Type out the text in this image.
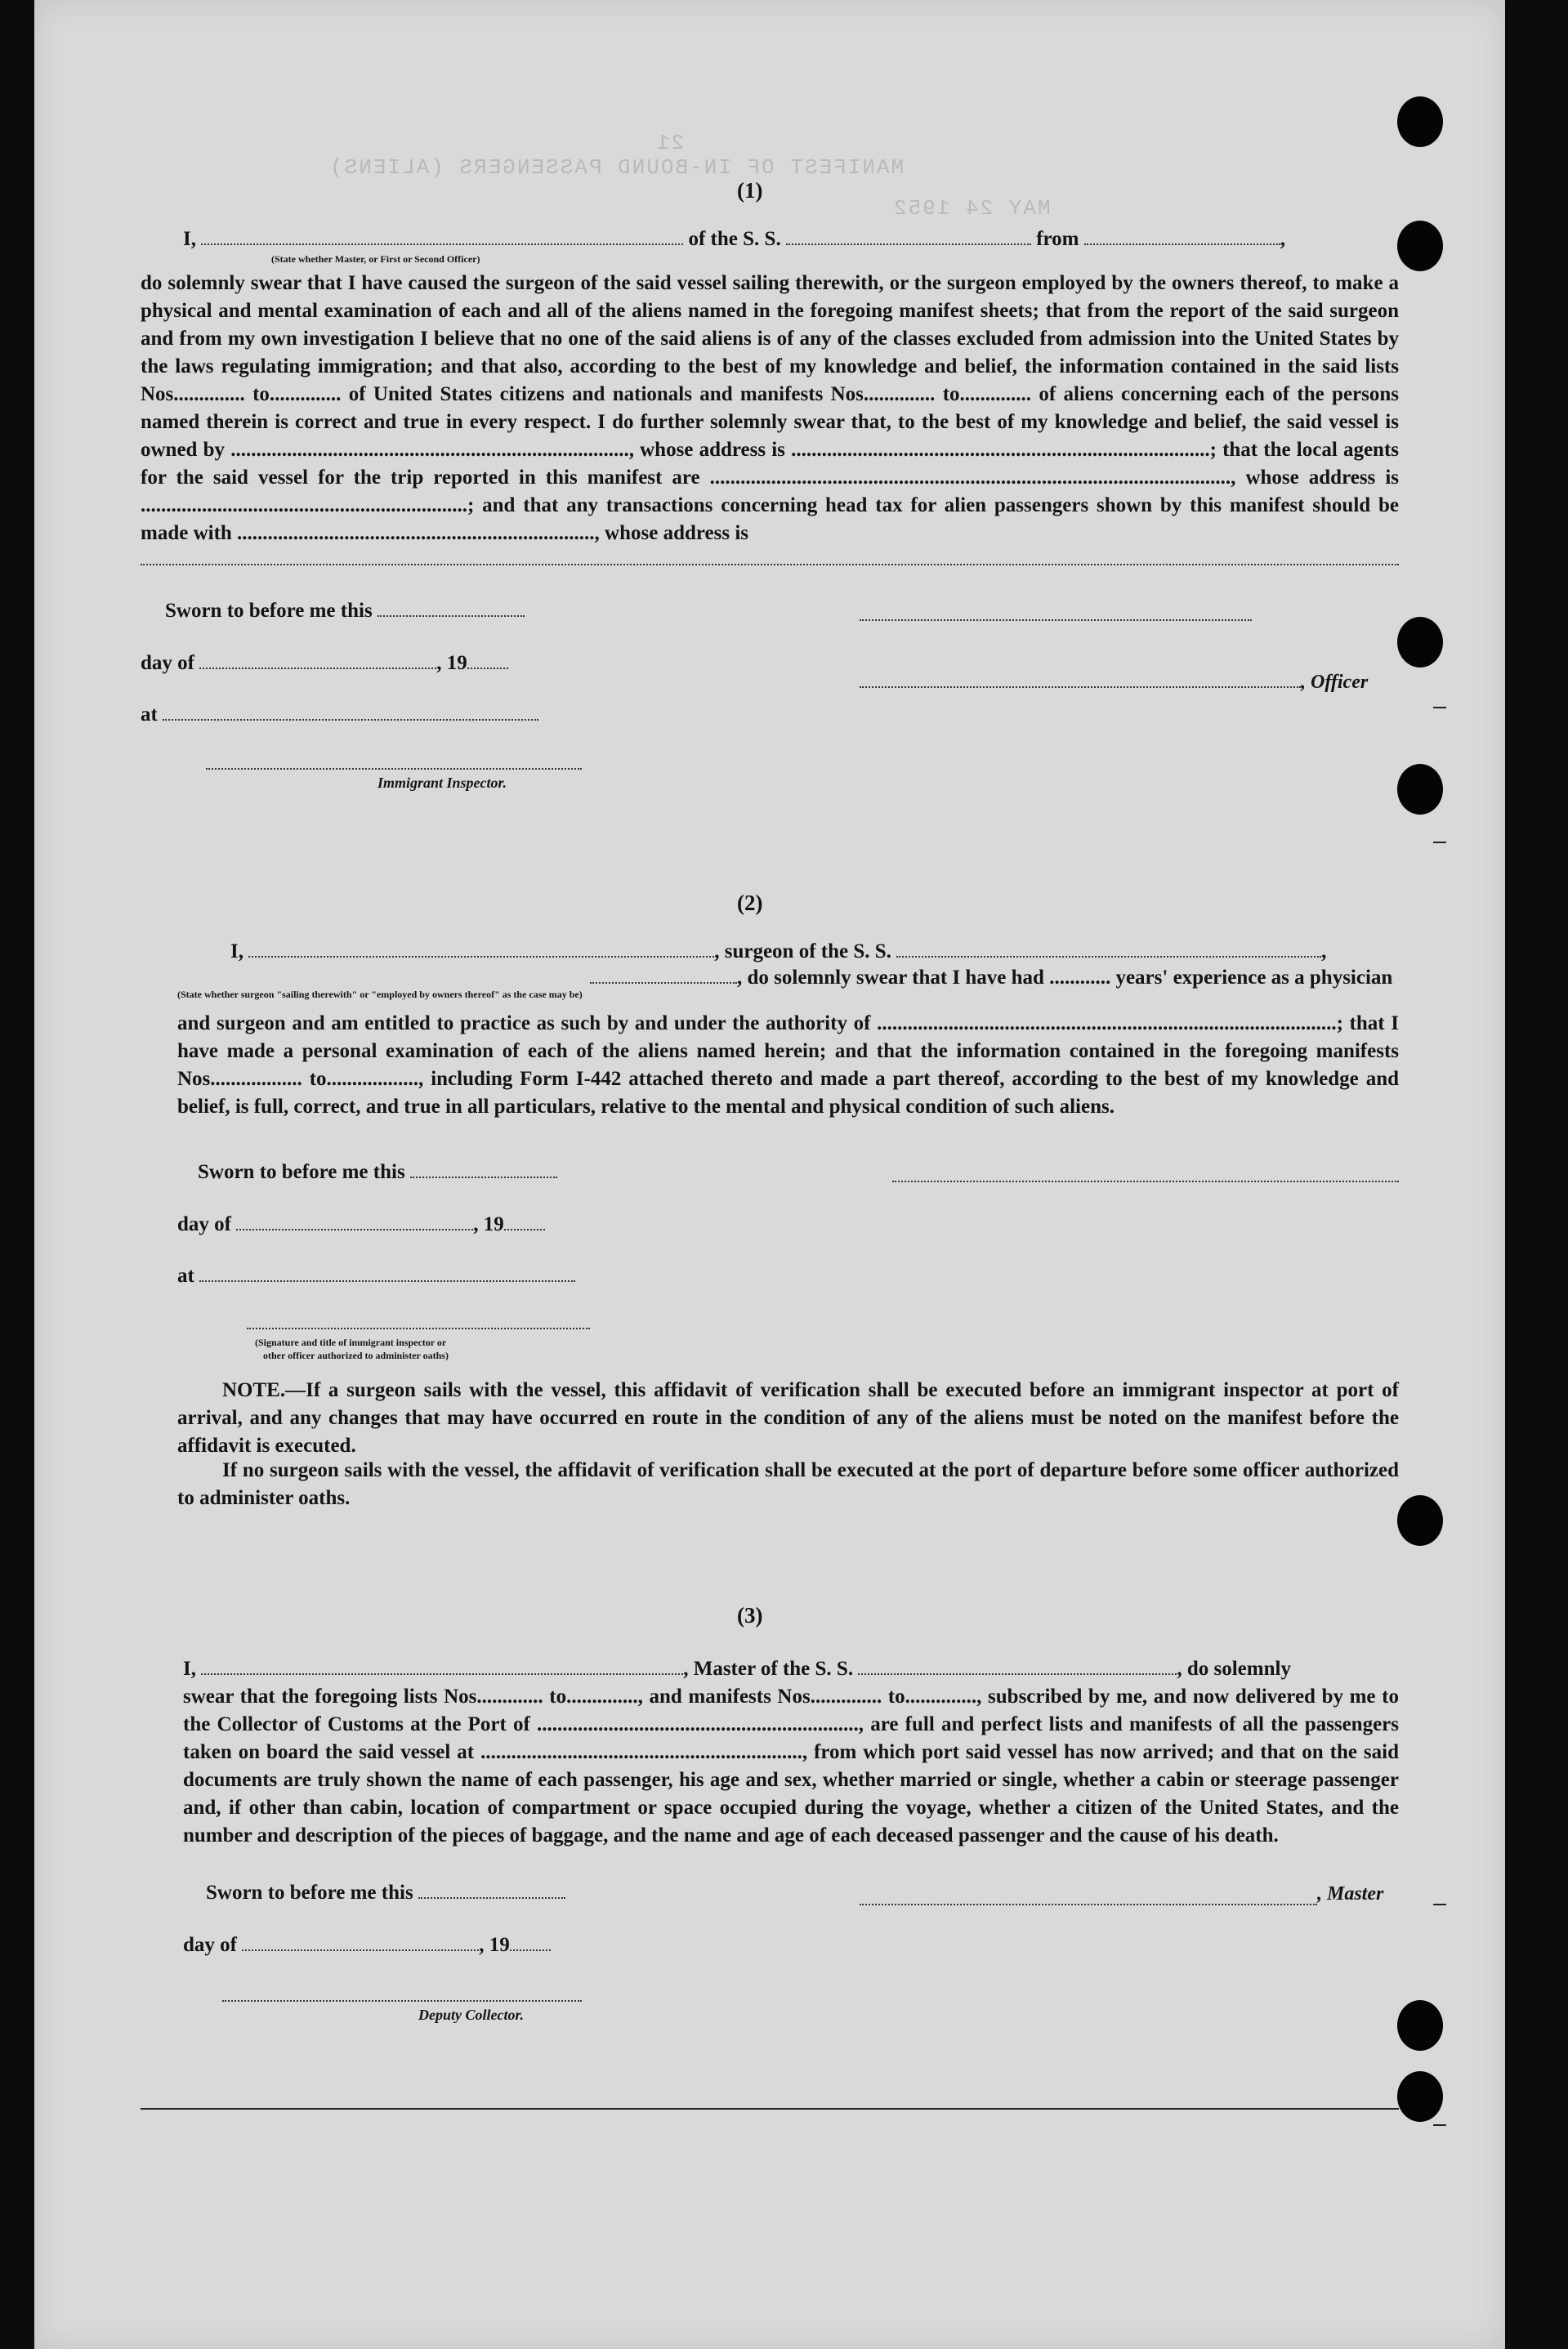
MANIFEST OF IN-BOUND PASSENGERS (ALIENS)
21
MAY 24 1952
(1)
I,	of the S. S.	from	,
(State whether Master, or First or Second Officer)
do solemnly swear that I have caused the surgeon of the said vessel sailing therewith, or the surgeon employed by the owners thereof, to make a physical and mental examination of each and all of the aliens named in the foregoing manifest sheets; that from the report of the said surgeon and from my own investigation I believe that no one of the said aliens is of any of the classes excluded from admission into the United States by the laws regulating immigration; and that also, according to the best of my knowledge and belief, the information contained in the said lists Nos.............. to.............. of United States citizens and nationals and manifests Nos.............. to.............. of aliens concerning each of the persons named therein is correct and true in every respect. I do further solemnly swear that, to the best of my knowledge and belief, the said vessel is owned by .............................................................................., whose address is ..................................................................................; that the local agents for the said vessel for the trip reported in this manifest are ......................................................................................................, whose address is ................................................................; and that any transactions concerning head tax for alien passengers shown by this manifest should be made with ......................................................................, whose address is
Sworn to before me this
day of	, 19
, Officer
at
Immigrant Inspector.
(2)
I,	, surgeon of the S. S.	,
, do solemnly swear that I have had ............ years' experience as a physician
(State whether surgeon "sailing therewith" or "employed by owners thereof" as the case may be)
and surgeon and am entitled to practice as such by and under the authority of ..........................................................................................; that I have made a personal examination of each of the aliens named herein; and that the information contained in the foregoing manifests Nos.................. to.................., including Form I-442 attached thereto and made a part thereof, according to the best of my knowledge and belief, is full, correct, and true in all particulars, relative to the mental and physical condition of such aliens.
Sworn to before me this
day of	, 19
at
(Signature and title of immigrant inspector or
other officer authorized to administer oaths)
NOTE.—If a surgeon sails with the vessel, this affidavit of verification shall be executed before an immigrant inspector at port of arrival, and any changes that may have occurred en route in the condition of any of the aliens must be noted on the manifest before the affidavit is executed.
If no surgeon sails with the vessel, the affidavit of verification shall be executed at the port of departure before some officer authorized to administer oaths.
(3)
I,	, Master of the S. S.	, do solemnly
swear that the foregoing lists Nos............. to.............., and manifests Nos.............. to.............., subscribed by me, and now delivered by me to the Collector of Customs at the Port of ..............................................................., are full and perfect lists and manifests of all the passengers taken on board the said vessel at ..............................................................., from which port said vessel has now arrived; and that on the said documents are truly shown the name of each passenger, his age and sex, whether married or single, whether a cabin or steerage passenger and, if other than cabin, location of compartment or space occupied during the voyage, whether a citizen of the United States, and the number and description of the pieces of baggage, and the name and age of each deceased passenger and the cause of his death.
Sworn to before me this	, Master
day of	, 19
Deputy Collector.
